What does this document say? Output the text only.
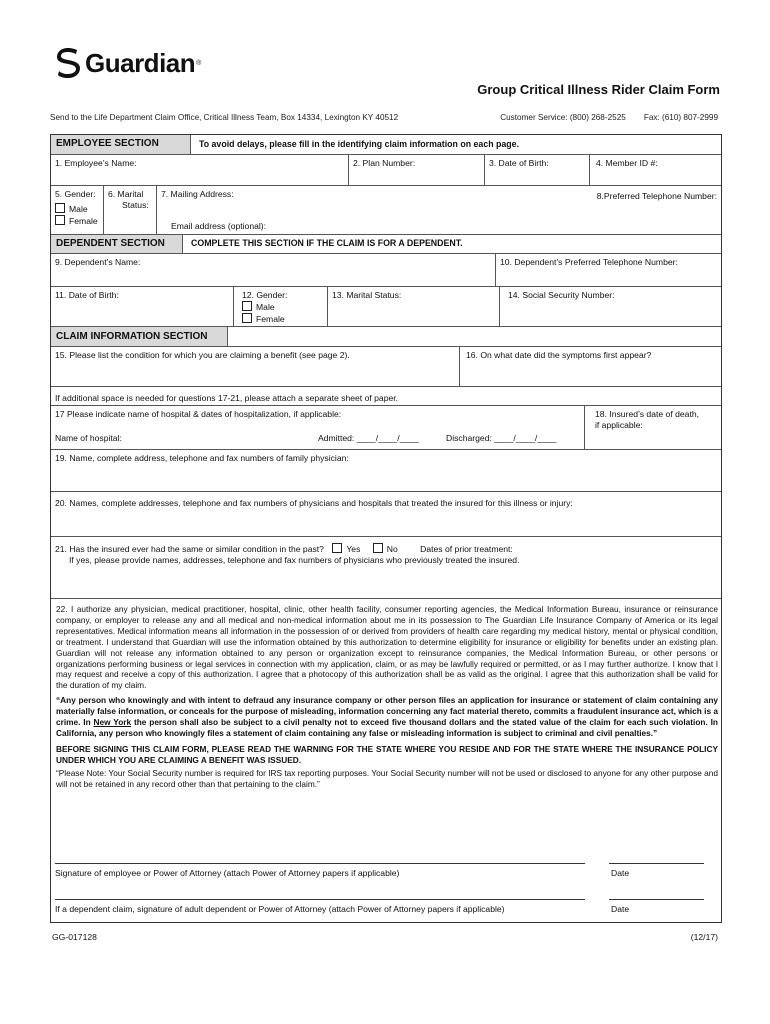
Guardian ®
Group Critical Illness Rider Claim Form
Send to the Life Department Claim Office, Critical Illness Team, Box 14334, Lexington KY 40512	Customer Service: (800) 268-2525 Fax: (610) 807-2999
EMPLOYEE SECTION	To avoid delays, please fill in the identifying claim information on each page.
1. Employee’s Name:	2. Plan Number:	3. Date of Birth:	4. Member ID #:
5. Gender:
Male
Female
6. Marital
Status:
7. Mailing Address:
Email address (optional):
8.Preferred Telephone Number:
DEPENDENT SECTION	COMPLETE THIS SECTION IF THE CLAIM IS FOR A DEPENDENT.
9. Dependent’s Name:	10. Dependent’s Preferred Telephone Number:
11. Date of Birth:	12. Gender:
Male
Female
13. Marital Status:	14. Social Security Number:
CLAIM INFORMATION SECTION
15. Please list the condition for which you are claiming a benefit (see page 2).	16. On what date did the symptoms first appear?
If additional space is needed for questions 17-21, please attach a separate sheet of paper.
17 Please indicate name of hospital & dates of hospitalization, if applicable:
Name of hospital:	Admitted: ____/____/____	Discharged: ____/____/____
18. Insured’s date of death,
if applicable:
19. Name, complete address, telephone and fax numbers of family physician:
20. Names, complete addresses, telephone and fax numbers of physicians and hospitals that treated the insured for this illness or injury:
21. Has the insured ever had the same or similar condition in the past?	Yes	No	Dates of prior treatment:
If yes, please provide names, addresses, telephone and fax numbers of physicians who previously treated the insured.
22. I authorize any physician, medical practitioner, hospital, clinic, other health facility, consumer reporting agencies, the Medical Information Bureau, insurance or reinsurance company, or employer to release any and all medical and non-medical information about me in its possession to The Guardian Life Insurance Company of America or its legal representatives. Medical information means all information in the possession of or derived from providers of health care regarding my medical history, mental or physical condition, or treatment. I understand that Guardian will use the information obtained by this authorization to determine eligibility for insurance or eligibility for benefits under an existing plan. Guardian will not release any information obtained to any person or organization except to reinsurance companies, the Medical Information Bureau, or other persons or organizations performing business or legal services in connection with my application, claim, or as may be lawfully required or permitted, or as I may further authorize. I know that I may request and receive a copy of this authorization. I agree that a photocopy of this authorization shall be as valid as the original. I agree that this authorization shall be valid for the duration of my claim.
“Any person who knowingly and with intent to defraud any insurance company or other person files an application for insurance or statement of claim containing any materially false information, or conceals for the purpose of misleading, information concerning any fact material thereto, commits a fraudulent insurance act, which is a crime. In New York the person shall also be subject to a civil penalty not to exceed five thousand dollars and the stated value of the claim for each such violation. In California, any person who knowingly files a statement of claim containing any false or misleading information is subject to criminal and civil penalties.”
BEFORE SIGNING THIS CLAIM FORM, PLEASE READ THE WARNING FOR THE STATE WHERE YOU RESIDE AND FOR THE STATE WHERE THE INSURANCE POLICY UNDER WHICH YOU ARE CLAIMING A BENEFIT WAS ISSUED.
“Please Note: Your Social Security number is required for IRS tax reporting purposes. Your Social Security number will not be used or disclosed to anyone for any other purpose and will not be retained in any record other than that pertaining to the claim.”
Signature of employee or Power of Attorney (attach Power of Attorney papers if applicable)	Date
If a dependent claim, signature of adult dependent or Power of Attorney (attach Power of Attorney papers if applicable)	Date
GG-017128	(12/17)
